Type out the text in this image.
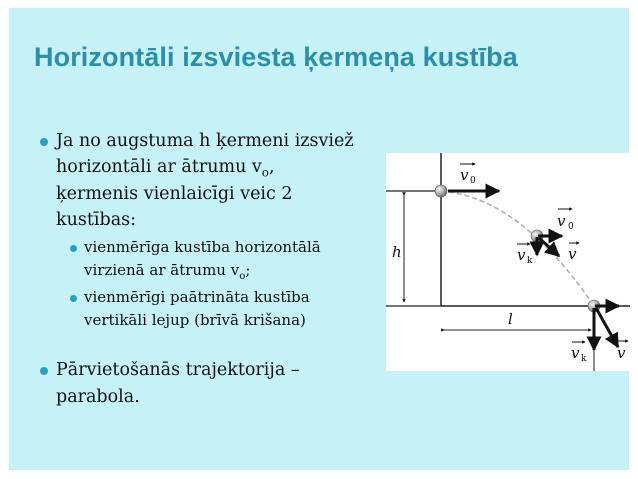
Horizontāli izsviesta ķermeņa kustība

Ja no augstuma h ķermeni izsviež

horizontāli ar ātrumu $v_o$,

ķermenis vienlaicīgi veic 2

kustības:

vienmērīga kustība horizontālā

virzienā ar ātrumu $v_o$;

vienmērīgi paātrināta kustība

vertikāli lejup (brīvā krišana)

Pārvietošanās trajektorija –

parabola.

h
l
v 0
v 0
v k v
v k v
